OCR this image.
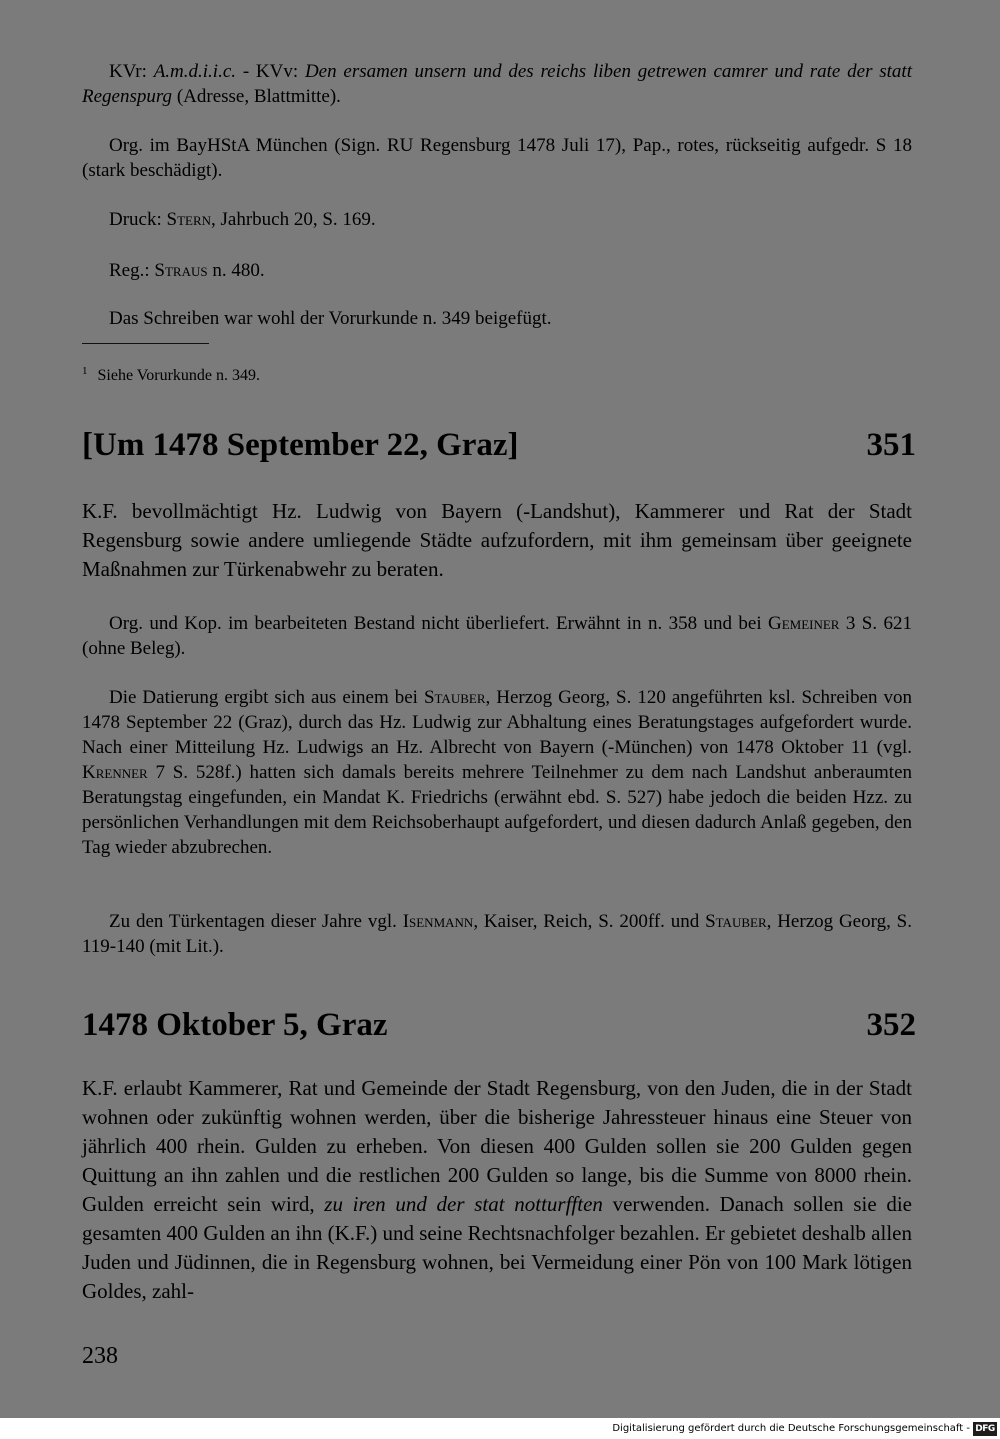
KVr: A.m.d.i.i.c. - KVv: Den ersamen unsern und des reichs liben getrewen camrer und rate der statt Regenspurg (Adresse, Blattmitte).

Org. im BayHStA München (Sign. RU Regensburg 1478 Juli 17), Pap., rotes, rückseitig aufgedr. S 18 (stark beschädigt).

Druck: Stern, Jahrbuch 20, S. 169.

Reg.: Straus n. 480.

Das Schreiben war wohl der Vorurkunde n. 349 beigefügt.

$^1$ Siehe Vorurkunde n. 349.
[Um 1478 September 22, Graz]	351

K.F. bevollmächtigt Hz. Ludwig von Bayern (-Landshut), Kammerer und Rat der Stadt Regensburg sowie andere umliegende Städte aufzufordern, mit ihm gemeinsam über geeignete Maßnahmen zur Türkenabwehr zu beraten.

Org. und Kop. im bearbeiteten Bestand nicht überliefert. Erwähnt in n. 358 und bei Gemeiner 3 S. 621 (ohne Beleg).

Die Datierung ergibt sich aus einem bei Stauber, Herzog Georg, S. 120 angeführten ksl. Schreiben von 1478 September 22 (Graz), durch das Hz. Ludwig zur Abhaltung eines Beratungstages aufgefordert wurde. Nach einer Mitteilung Hz. Ludwigs an Hz. Albrecht von Bayern (-München) von 1478 Oktober 11 (vgl. Krenner 7 S. 528f.) hatten sich damals bereits mehrere Teilnehmer zu dem nach Landshut anberaumten Beratungstag eingefunden, ein Mandat K. Friedrichs (erwähnt ebd. S. 527) habe jedoch die beiden Hzz. zu persönlichen Verhandlungen mit dem Reichsoberhaupt aufgefordert, und diesen dadurch Anlaß gegeben, den Tag wieder abzubrechen.

Zu den Türkentagen dieser Jahre vgl. Isenmann, Kaiser, Reich, S. 200ff. und Stauber, Herzog Georg, S. 119-140 (mit Lit.).

1478 Oktober 5, Graz	352

K.F. erlaubt Kammerer, Rat und Gemeinde der Stadt Regensburg, von den Juden, die in der Stadt wohnen oder zukünftig wohnen werden, über die bisherige Jahressteuer hinaus eine Steuer von jährlich 400 rhein. Gulden zu erheben. Von diesen 400 Gulden sollen sie 200 Gulden gegen Quittung an ihn zahlen und die restlichen 200 Gulden so lange, bis die Summe von 8000 rhein. Gulden erreicht sein wird, zu iren und der stat notturfften verwenden. Danach sollen sie die gesamten 400 Gulden an ihn (K.F.) und seine Rechtsnachfolger bezahlen. Er gebietet deshalb allen Juden und Jüdinnen, die in Regensburg wohnen, bei Vermeidung einer Pön von 100 Mark lötigen Goldes, zahl-

238
Digitalisierung gefördert durch die Deutsche Forschungsgemeinschaft - DFG
